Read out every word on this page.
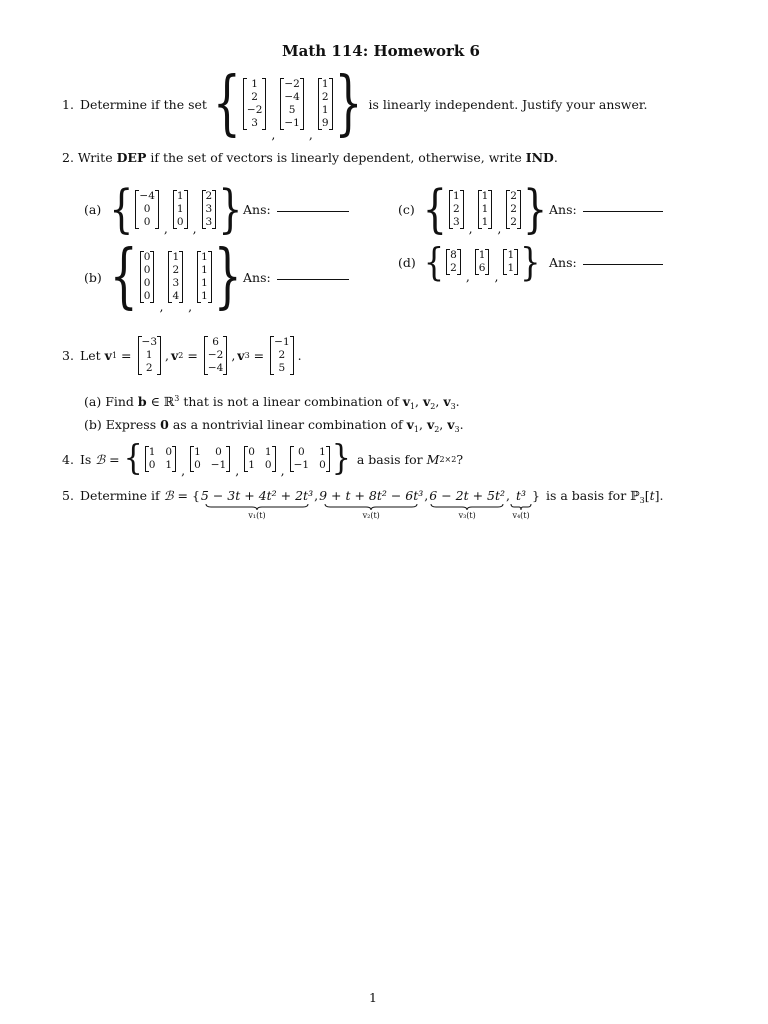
Math 114: Homework 6
1. Determine if the set { 1
2
−2
3
,
−2
−4
5
−1
,
1
2
1
9 } is linearly independent. Justify your answer.
2. Write DEP if the set of vectors is linearly dependent, otherwise, write IND.
(a) { −4
0
0 ,
1
1
0 ,
2
3
3 } Ans:	(c) { 1
2
3 ,
1
1
1 ,
2
2
2 } Ans:
(b) { 0
0
0
0
,
1
2
3
4
,
1
1
1
1 } Ans:
(d) { 8
2
,
1
6
,
1
1 } Ans:
3. Let v 1 =
−3
1
2
, v 2 =
6
−2
−4
, v 3 =
−1
2
5
.
(a) Find b ∈ ℝ$^3$ that is not a linear combination of $v_1$, $v_2$, $v_3$.
(b) Express 0 as a nontrivial linear combination of $v_1$, $v_2$, $v_3$.
4. Is ℬ = { 1 0
0 1 ,
1	0
0 −1 ,
0 1
1 0 ,
0	1
−1 0 } a basis for M 2×2 ?
5. Determine if ℬ = { 5 − 3t + 4t² + 2t³
v₁(t)
, 9 + t + 8t² − 6t³
v₂(t)
, 6 − 2t + 5t²
v₃(t)
, t³
v₄(t)
} is a basis for ℙ$_3$[t].
1
